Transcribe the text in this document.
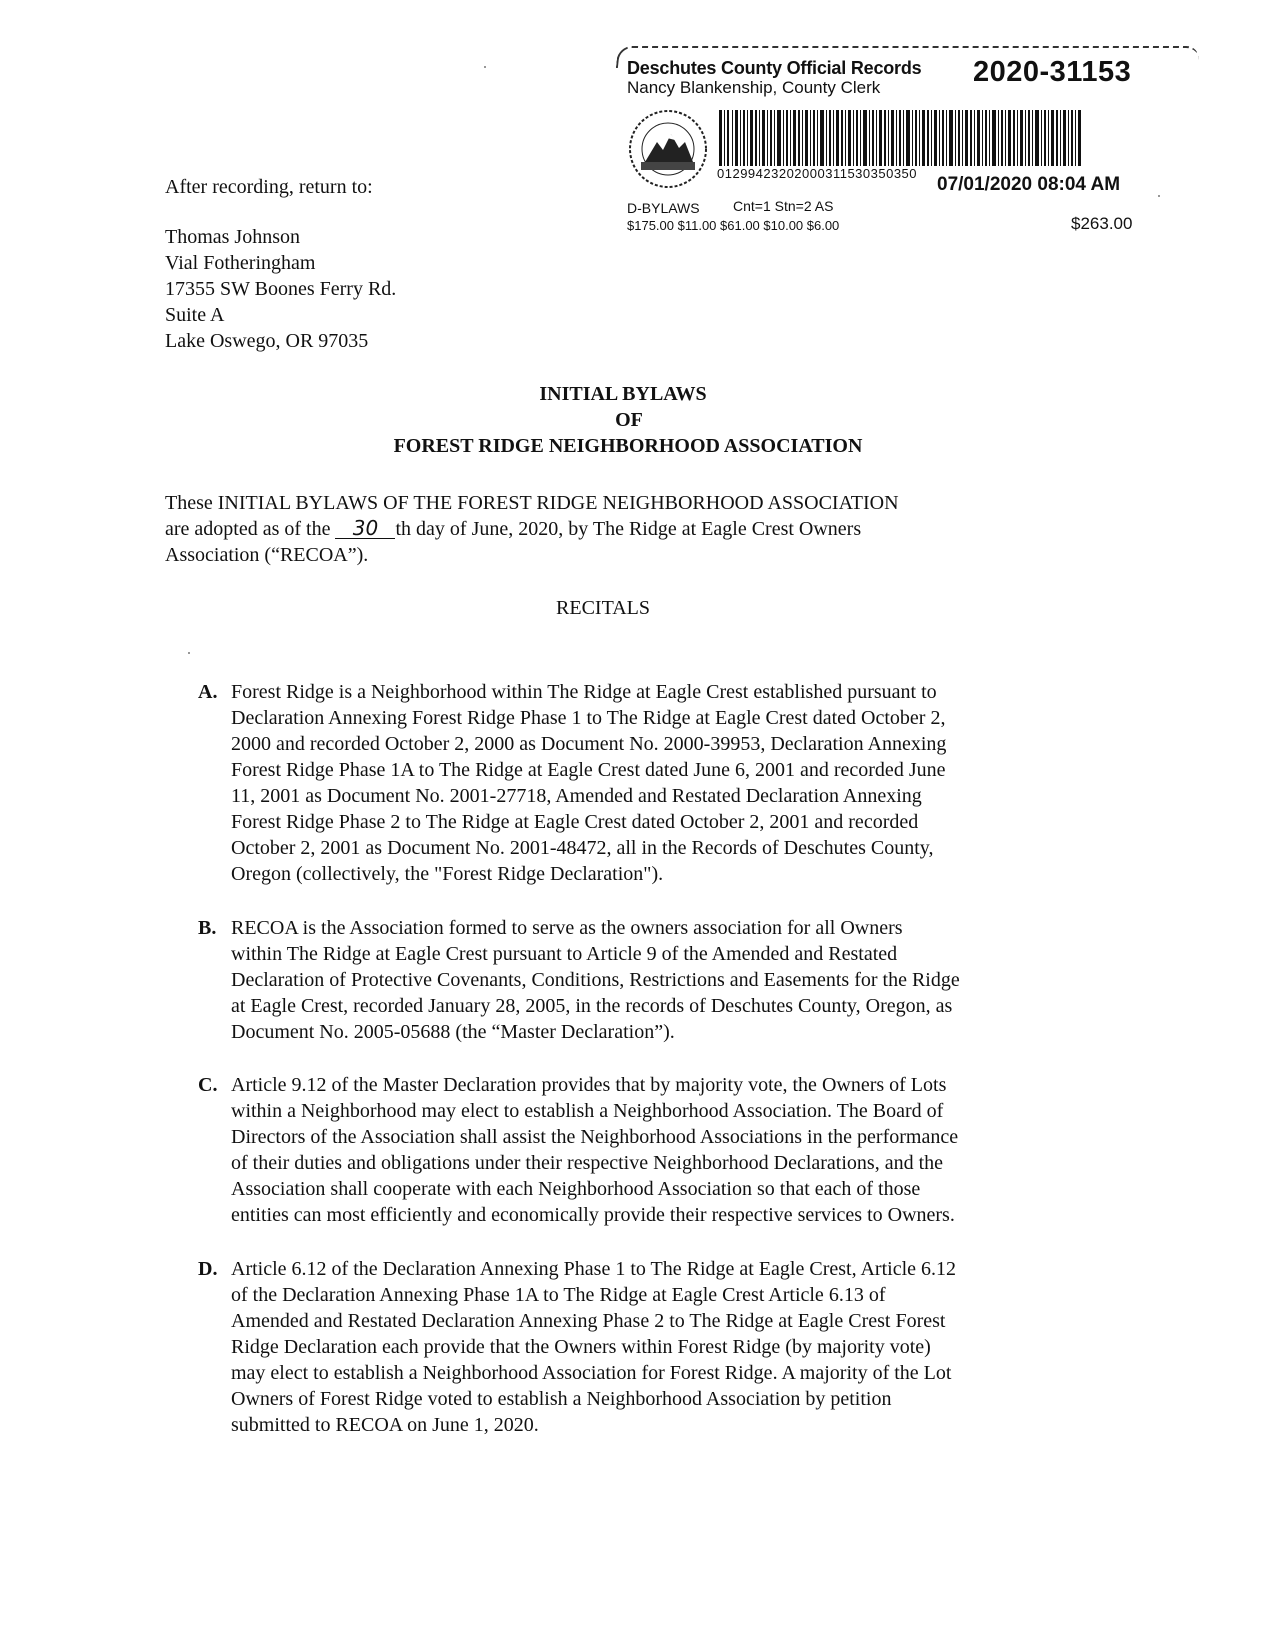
Deschutes County Official Records
Nancy Blankenship, County Clerk	2020-31153
01299423202000311530350350
07/01/2020 08:04 AM
D-BYLAWS Cnt=1 Stn=2 AS
$175.00 $11.00 $61.00 $10.00 $6.00	$263.00
After recording, return to:
Thomas Johnson
Vial Fotheringham
17355 SW Boones Ferry Rd.
Suite A
Lake Oswego, OR 97035
INITIAL BYLAWS
OF
FOREST RIDGE NEIGHBORHOOD ASSOCIATION
These INITIAL BYLAWS OF THE FOREST RIDGE NEIGHBORHOOD ASSOCIATION
are adopted as of the 30 th day of June, 2020, by The Ridge at Eagle Crest Owners
Association (“RECOA”).
RECITALS
A. Forest Ridge is a Neighborhood within The Ridge at Eagle Crest established pursuant to
Declaration Annexing Forest Ridge Phase 1 to The Ridge at Eagle Crest dated October 2,
2000 and recorded October 2, 2000 as Document No. 2000-39953, Declaration Annexing
Forest Ridge Phase 1A to The Ridge at Eagle Crest dated June 6, 2001 and recorded June
11, 2001 as Document No. 2001-27718, Amended and Restated Declaration Annexing
Forest Ridge Phase 2 to The Ridge at Eagle Crest dated October 2, 2001 and recorded
October 2, 2001 as Document No. 2001-48472, all in the Records of Deschutes County,
Oregon (collectively, the "Forest Ridge Declaration").
B. RECOA is the Association formed to serve as the owners association for all Owners
within The Ridge at Eagle Crest pursuant to Article 9 of the Amended and Restated
Declaration of Protective Covenants, Conditions, Restrictions and Easements for the Ridge
at Eagle Crest, recorded January 28, 2005, in the records of Deschutes County, Oregon, as
Document No. 2005-05688 (the “Master Declaration”).
C. Article 9.12 of the Master Declaration provides that by majority vote, the Owners of Lots
within a Neighborhood may elect to establish a Neighborhood Association. The Board of
Directors of the Association shall assist the Neighborhood Associations in the performance
of their duties and obligations under their respective Neighborhood Declarations, and the
Association shall cooperate with each Neighborhood Association so that each of those
entities can most efficiently and economically provide their respective services to Owners.
D. Article 6.12 of the Declaration Annexing Phase 1 to The Ridge at Eagle Crest, Article 6.12
of the Declaration Annexing Phase 1A to The Ridge at Eagle Crest Article 6.13 of
Amended and Restated Declaration Annexing Phase 2 to The Ridge at Eagle Crest Forest
Ridge Declaration each provide that the Owners within Forest Ridge (by majority vote)
may elect to establish a Neighborhood Association for Forest Ridge. A majority of the Lot
Owners of Forest Ridge voted to establish a Neighborhood Association by petition
submitted to RECOA on June 1, 2020.
